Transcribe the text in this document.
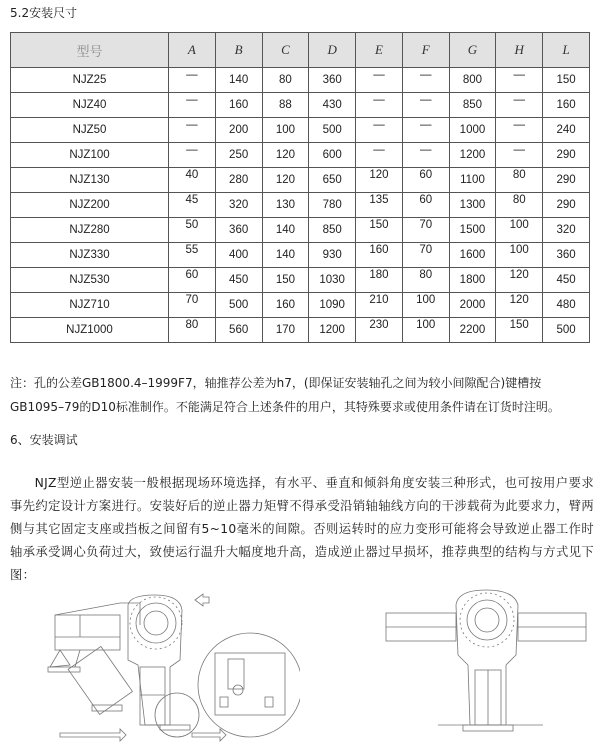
5.2安装尺寸
型号	A	B	C	D	E	F	G	H	L
NJZ25	—	140	80	360	—	—	800	—	150
NJZ40	—	160	88	430	—	—	850	—	160
NJZ50	—	200	100	500	—	—	1000	—	240
NJZ100	—	250	120	600	—	—	1200	—	290
NJZ130	40	280	120	650	120	60	1100	80	290
NJZ200	45	320	130	780	135	60	1300	80	290
NJZ280	50	360	140	850	150	70	1500	100	320
NJZ330	55	400	140	930	160	70	1600	100	360
NJZ530	60	450	150	1030	180	80	1800	120	450
NJZ710	70	500	160	1090	210	100	2000	120	480
NJZ1000	80	560	170	1200	230	100	2200	150	500
注：孔的公差GB1800.4–1999F7，轴推荐公差为h7，(即保证安装轴孔之间为较小间隙配合)键槽按GB1095–79的D10标准制作。不能满足符合上述条件的用户，其特殊要求或使用条件请在订货时注明。
6、安装调试
NJZ型逆止器安装一般根据现场环境选择，有水平、垂直和倾斜角度安装三种形式，也可按用户要求事先约定设计方案进行。安装好后的逆止器力矩臂不得承受沿销轴轴线方向的干涉载荷为此要求力，臂两侧与其它固定支座或挡板之间留有5~10毫米的间隙。否则运转时的应力变形可能将会导致逆止器工作时轴承承受调心负荷过大，致使运行温升大幅度地升高，造成逆止器过早损坏，推荐典型的结构与方式见下图：
